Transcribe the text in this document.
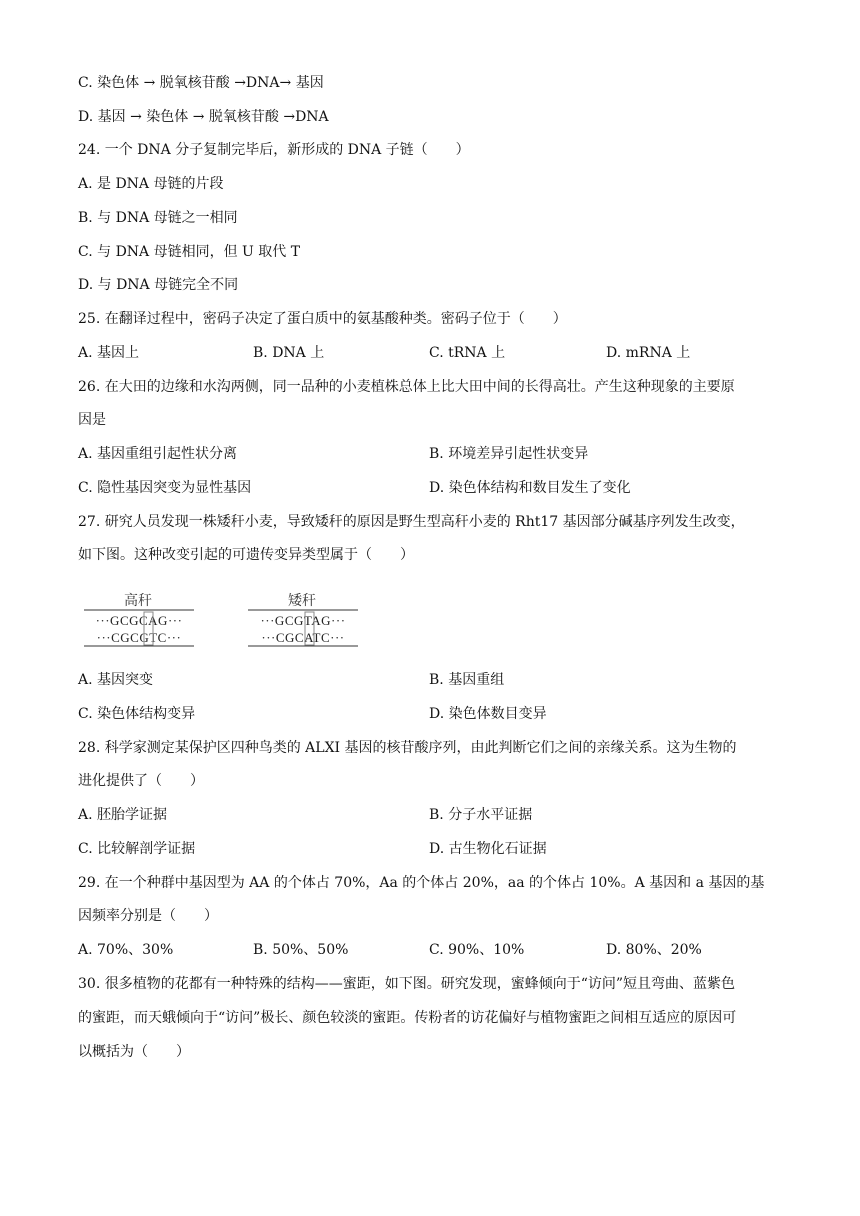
C. 染色体 → 脱氧核苷酸 →DNA→ 基因
D. 基因 → 染色体 → 脱氧核苷酸 →DNA
24. 一个 DNA 分子复制完毕后，新形成的 DNA 子链（　　）
A. 是 DNA 母链的片段
B. 与 DNA 母链之一相同
C. 与 DNA 母链相同，但 U 取代 T
D. 与 DNA 母链完全不同
25. 在翻译过程中，密码子决定了蛋白质中的氨基酸种类。密码子位于（　　）
A. 基因上	B. DNA 上	C. tRNA 上	D. mRNA 上
26. 在大田的边缘和水沟两侧，同一品种的小麦植株总体上比大田中间的长得高壮。产生这种现象的主要原
因是
A. 基因重组引起性状分离	B. 环境差异引起性状变异
C. 隐性基因突变为显性基因	D. 染色体结构和数目发生了变化
27. 研究人员发现一株矮秆小麦，导致矮秆的原因是野生型高秆小麦的 Rht17 基因部分碱基序列发生改变，
如下图。这种改变引起的可遗传变异类型属于（　　）
高秆
···GCGCAG···
···CGCGTC···
矮秆
···GCGTAG···
···CGCATC···
A. 基因突变	B. 基因重组
C. 染色体结构变异	D. 染色体数目变异
28. 科学家测定某保护区四种鸟类的 ALXI 基因的核苷酸序列，由此判断它们之间的亲缘关系。这为生物的
进化提供了（　　）
A. 胚胎学证据	B. 分子水平证据
C. 比较解剖学证据	D. 古生物化石证据
29. 在一个种群中基因型为 AA 的个体占 70%，Aa 的个体占 20%，aa 的个体占 10%。A 基因和 a 基因的基
因频率分别是（　　）
A. 70%、30%	B. 50%、50%	C. 90%、10%	D. 80%、20%
30. 很多植物的花都有一种特殊的结构——蜜距，如下图。研究发现，蜜蜂倾向于“访问”短且弯曲、蓝紫色
的蜜距，而天蛾倾向于“访问”极长、颜色较淡的蜜距。传粉者的访花偏好与植物蜜距之间相互适应的原因可
以概括为（　　）
